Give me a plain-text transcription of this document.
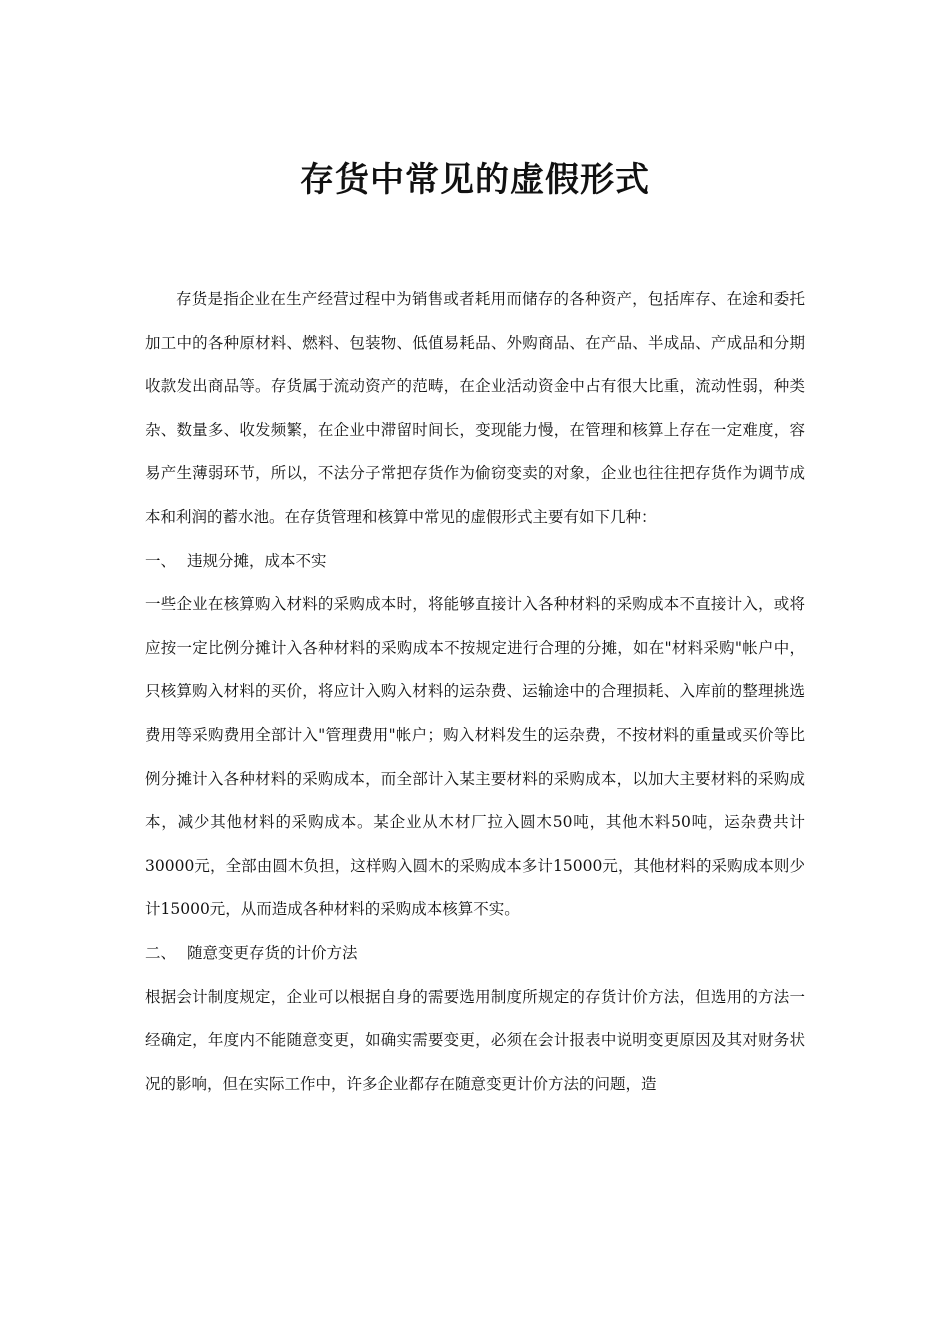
存货中常见的虚假形式

存货是指企业在生产经营过程中为销售或者耗用而储存的各种资产，包括库存、在途和委托加工中的各种原材料、燃料、包装物、低值易耗品、外购商品、在产品、半成品、产成品和分期收款发出商品等。存货属于流动资产的范畴，在企业活动资金中占有很大比重，流动性弱，种类杂、数量多、收发频繁，在企业中滞留时间长，变现能力慢，在管理和核算上存在一定难度，容易产生薄弱环节，所以，不法分子常把存货作为偷窃变卖的对象，企业也往往把存货作为调节成本和利润的蓄水池。在存货管理和核算中常见的虚假形式主要有如下几种：

一、 违规分摊，成本不实

一些企业在核算购入材料的采购成本时，将能够直接计入各种材料的采购成本不直接计入，或将应按一定比例分摊计入各种材料的采购成本不按规定进行合理的分摊，如在"材料采购"帐户中，只核算购入材料的买价，将应计入购入材料的运杂费、运输途中的合理损耗、入库前的整理挑选费用等采购费用全部计入"管理费用"帐户；购入材料发生的运杂费，不按材料的重量或买价等比例分摊计入各种材料的采购成本，而全部计入某主要材料的采购成本，以加大主要材料的采购成本，减少其他材料的采购成本。某企业从木材厂拉入圆木50吨，其他木料50吨，运杂费共计30000元，全部由圆木负担，这样购入圆木的采购成本多计15000元，其他材料的采购成本则少计15000元，从而造成各种材料的采购成本核算不实。

二、 随意变更存货的计价方法

根据会计制度规定，企业可以根据自身的需要选用制度所规定的存货计价方法，但选用的方法一经确定，年度内不能随意变更，如确实需要变更，必须在会计报表中说明变更原因及其对财务状况的影响，但在实际工作中，许多企业都存在随意变更计价方法的问题，造
